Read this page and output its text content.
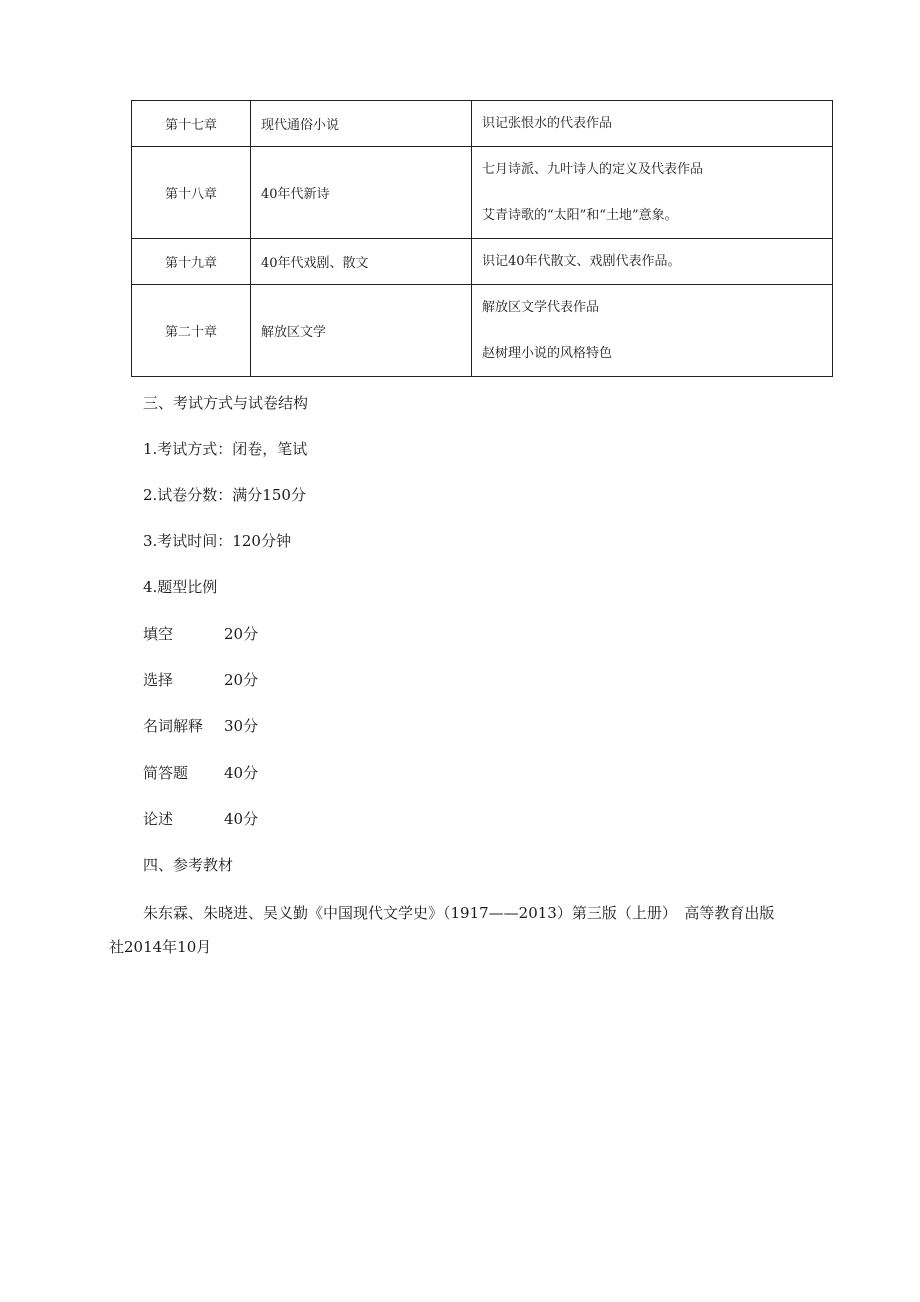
第十七章	现代通俗小说	识记张恨水的代表作品

第十八章	40年代新诗	七月诗派、九叶诗人的定义及代表作品
艾青诗歌的“太阳”和“土地”意象。

第十九章	40年代戏剧、散文	识记40年代散文、戏剧代表作品。

第二十章	解放区文学	解放区文学代表作品
赵树理小说的风格特色
三、考试方式与试卷结构
1.考试方式：闭卷，笔试
2.试卷分数：满分150分
3.考试时间：120分钟
4.题型比例
填空	20分
选择	20分
名词解释 30分
简答题 40分
论述	40分
四、参考教材
朱东霖、朱晓进、吴义勤《中国现代文学史》（1917——2013）第三版（上册）　高等教育出版
社2014年10月
